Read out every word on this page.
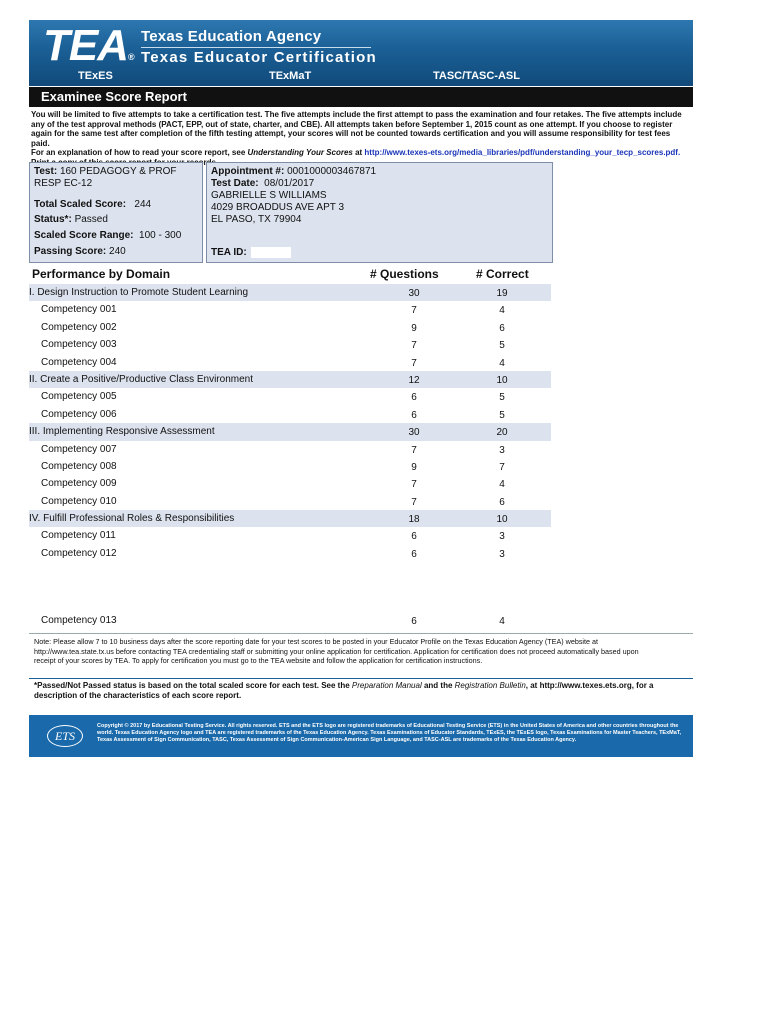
TEA®
Texas Education Agency
Texas Educator Certification
TExES	TExMaT	TASC/TASC-ASL
Examinee Score Report
You will be limited to five attempts to take a certification test. The five attempts include the first attempt to pass the examination and four retakes. The five attempts include any of the test approval methods (PACT, EPP, out of state, charter, and CBE). All attempts taken before September 1, 2015 count as one attempt. If you choose to register again for the same test after completion of the fifth testing attempt, your scores will not be counted towards certification and you will assume responsibility for test fees paid.
For an explanation of how to read your score report, see Understanding Your Scores at http://www.texes-ets.org/media_libraries/pdf/understanding_your_tecp_scores.pdf.
Test: 160 PEDAGOGY & PROF
RESP EC-12
Total Scaled Score: 244
Status*: Passed
Scaled Score Range: 100 - 300
Passing Score: 240
Appointment #: 0001000003467871
Test Date: 08/01/2017
GABRIELLE S WILLIAMS
4029 BROADDUS AVE APT 3
EL PASO, TX 79904
TEA ID:
Performance by Domain	# Questions	# Correct
I. Design Instruction to Promote Student Learning	30	19
Competency 001	7	4
Competency 002	9	6
Competency 003	7	5
Competency 004	7	4
II. Create a Positive/Productive Class Environment	12	10
Competency 005	6	5
Competency 006	6	5
III. Implementing Responsive Assessment	30	20
Competency 007	7	3
Competency 008	9	7
Competency 009	7	4
Competency 010	7	6
IV. Fulfill Professional Roles & Responsibilities	18	10
Competency 011	6	3
Competency 012	6	3
Competency 013	6	4
Note: Please allow 7 to 10 business days after the score reporting date for your test scores to be posted in your Educator Profile on the Texas Education Agency (TEA) website at http://www.tea.state.tx.us before contacting TEA credentialing staff or submitting your online application for certification. Application for certification does not proceed automatically based upon receipt of your scores by TEA. To apply for certification you must go to the TEA website and follow the application for certification instructions.
*Passed/Not Passed status is based on the total scaled score for each test. See the Preparation Manual and the Registration Bulletin, at http://www.texes.ets.org, for a description of the characteristics of each score report.
ETS
Copyright © 2017 by Educational Testing Service. All rights reserved. ETS and the ETS logo are registered trademarks of Educational Testing Service (ETS) in the United States of America and other countries throughout the world. Texas Education Agency logo and TEA are registered trademarks of the Texas Education Agency. Texas Examinations of Educator Standards, TExES, the TExES logo, Texas Examinations for Master Teachers, TExMaT, Texas Assessment of Sign Communication, TASC, Texas Assessment of Sign Communication-American Sign Language, and TASC-ASL are trademarks of the Texas Education Agency.
